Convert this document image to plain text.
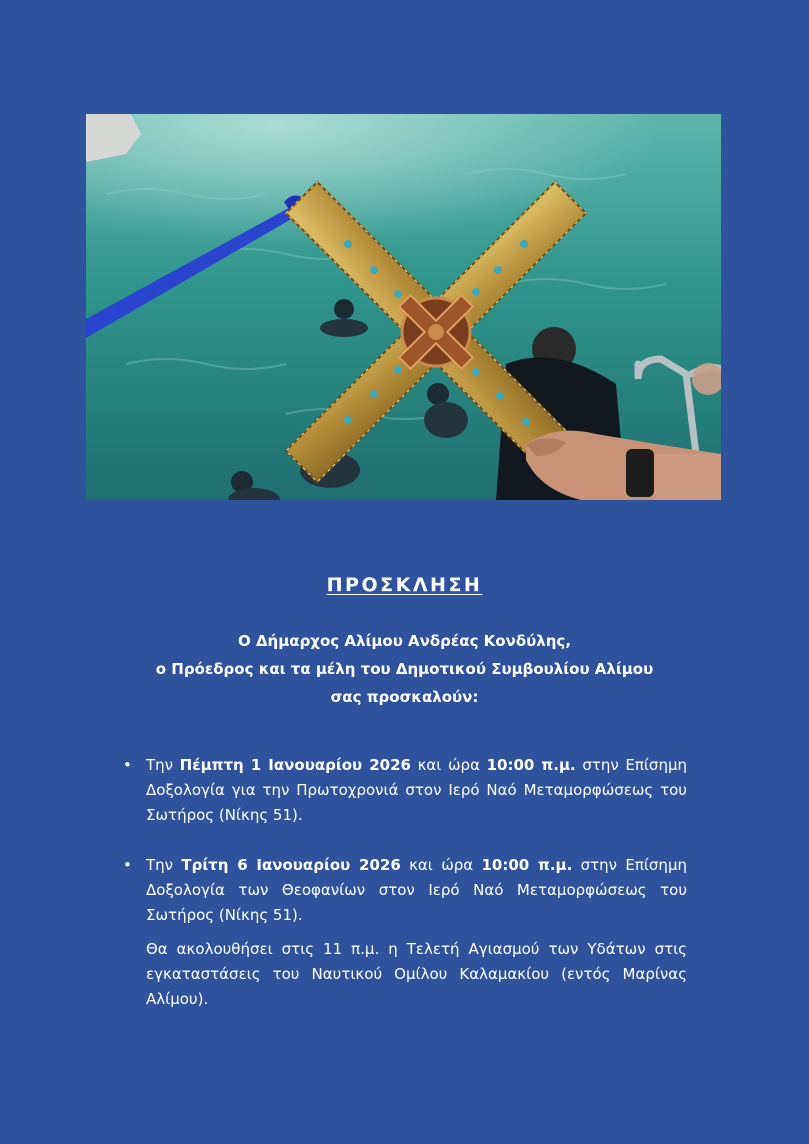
ΠΡΟΣΚΛΗΣΗ
Ο Δήμαρχος Αλίμου Ανδρέας Κονδύλης,
ο Πρόεδρος και τα μέλη του Δημοτικού Συμβουλίου Αλίμου
σας προσκαλούν:
• Την Πέμπτη 1 Ιανουαρίου 2026 και ώρα 10:00 π.μ. στην Επίσημη Δοξολογία για την Πρωτοχρονιά στον Ιερό Ναό Μεταμορφώσεως του Σωτήρος (Νίκης 51).

• Την Τρίτη 6 Ιανουαρίου 2026 και ώρα 10:00 π.μ. στην Επίσημη Δοξολογία των Θεοφανίων στον Ιερό Ναό Μεταμορφώσεως του Σωτήρος (Νίκης 51).

Θα ακολουθήσει στις 11 π.μ. η Τελετή Αγιασμού των Υδάτων στις εγκαταστάσεις του Ναυτικού Ομίλου Καλαμακίου (εντός Μαρίνας Αλίμου).
